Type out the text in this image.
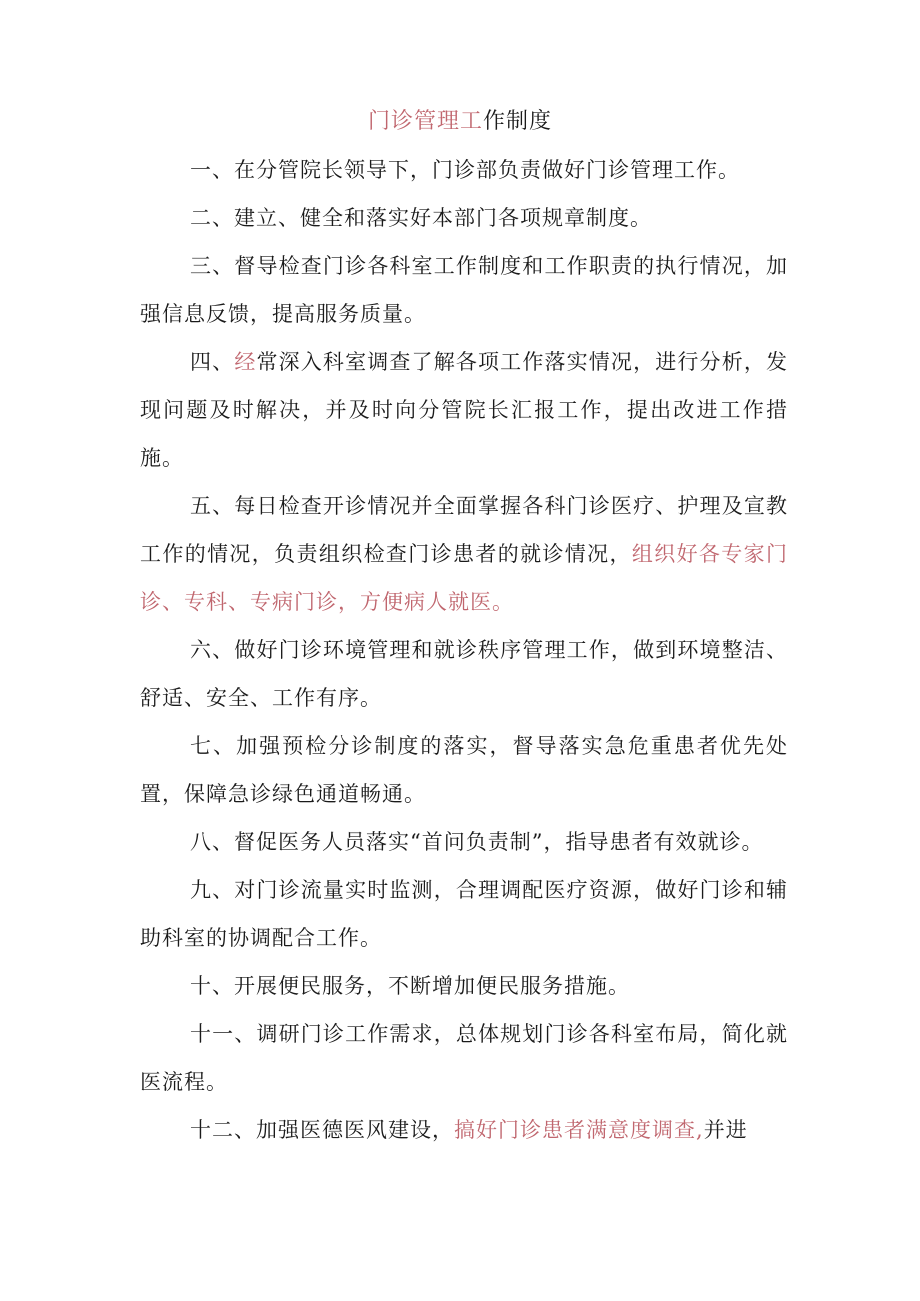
门诊管理工作制度

一、在分管院长领导下，门诊部负责做好门诊管理工作。

二、建立、健全和落实好本部门各项规章制度。

三、督导检查门诊各科室工作制度和工作职责的执行情况，加强信息反馈，提高服务质量。

四、经常深入科室调查了解各项工作落实情况，进行分析，发现问题及时解决，并及时向分管院长汇报工作，提出改进工作措施。

五、每日检查开诊情况并全面掌握各科门诊医疗、护理及宣教工作的情况，负责组织检查门诊患者的就诊情况，组织好各专家门诊、专科、专病门诊，方便病人就医。

六、做好门诊环境管理和就诊秩序管理工作，做到环境整洁、舒适、安全、工作有序。

七、加强预检分诊制度的落实，督导落实急危重患者优先处置，保障急诊绿色通道畅通。

八、督促医务人员落实“首问负责制”，指导患者有效就诊。

九、对门诊流量实时监测，合理调配医疗资源，做好门诊和辅助科室的协调配合工作。

十、开展便民服务，不断增加便民服务措施。

十一、调研门诊工作需求，总体规划门诊各科室布局，简化就医流程。

十二、加强医德医风建设，搞好门诊患者满意度调查,并进
